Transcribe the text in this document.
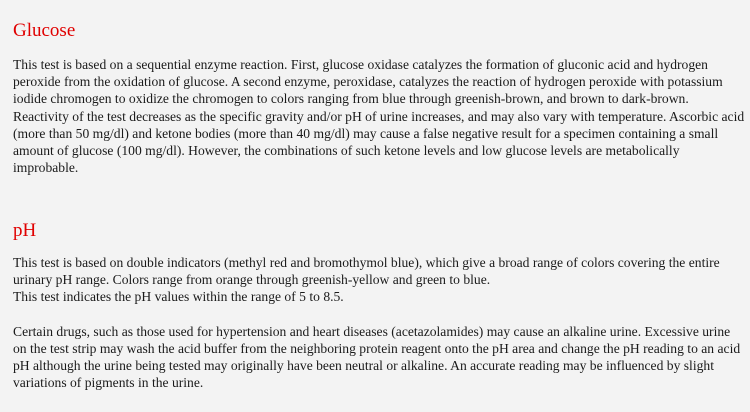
Glucose

This test is based on a sequential enzyme reaction. First, glucose oxidase catalyzes the formation of gluconic acid and hydrogen peroxide from the oxidation of glucose. A second enzyme, peroxidase, catalyzes the reaction of hydrogen peroxide with potassium iodide chromogen to oxidize the chromogen to colors ranging from blue through greenish-brown, and brown to dark-brown.

Reactivity of the test decreases as the specific gravity and/or pH of urine increases, and may also vary with temperature. Ascorbic acid (more than 50 mg/dl) and ketone bodies (more than 40 mg/dl) may cause a false negative result for a specimen containing a small amount of glucose (100 mg/dl). However, the combinations of such ketone levels and low glucose levels are metabolically improbable.

pH

This test is based on double indicators (methyl red and bromothymol blue), which give a broad range of colors covering the entire urinary pH range. Colors range from orange through greenish-yellow and green to blue.

This test indicates the pH values within the range of 5 to 8.5.

Certain drugs, such as those used for hypertension and heart diseases (acetazolamides) may cause an alkaline urine. Excessive urine on the test strip may wash the acid buffer from the neighboring protein reagent onto the pH area and change the pH reading to an acid pH although the urine being tested may originally have been neutral or alkaline. An accurate reading may be influenced by slight variations of pigments in the urine.
